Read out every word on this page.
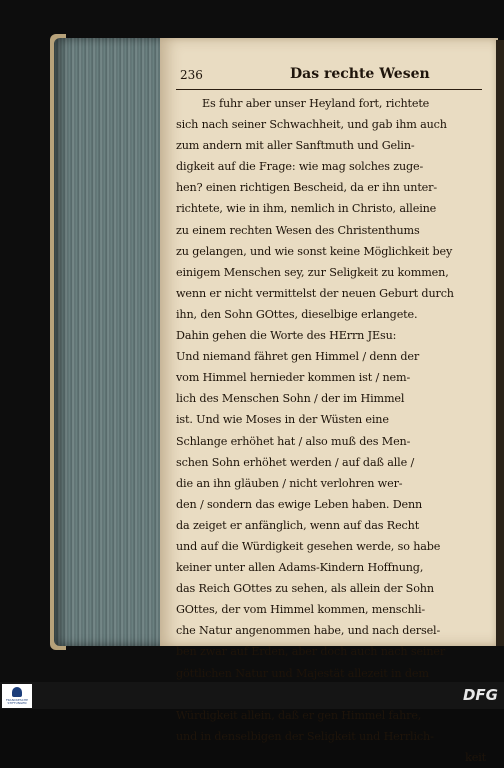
236	Das rechte Wesen
Es fuhr aber unser Heyland fort, richtete
sich nach seiner Schwachheit, und gab ihm auch
zum andern mit aller Sanftmuth und Gelin-
digkeit auf die Frage: wie mag solches zuge-
hen? einen richtigen Bescheid, da er ihn unter-
richtete, wie in ihm, nemlich in Christo, alleine
zu einem rechten Wesen des Christenthums
zu gelangen, und wie sonst keine Möglichkeit bey
einigem Menschen sey, zur Seligkeit zu kommen,
wenn er nicht vermittelst der neuen Geburt durch
ihn, den Sohn GOttes, dieselbige erlangete.
Dahin gehen die Worte des HErrn JEsu:
Und niemand fähret gen Himmel / denn der
vom Himmel hernieder kommen ist / nem-
lich des Menschen Sohn / der im Himmel
ist. Und wie Moses in der Wüsten eine
Schlange erhöhet hat / also muß des Men-
schen Sohn erhöhet werden / auf daß alle /
die an ihn gläuben / nicht verlohren wer-
den / sondern das ewige Leben haben. Denn
da zeiget er anfänglich, wenn auf das Recht
und auf die Würdigkeit gesehen werde, so habe
keiner unter allen Adams-Kindern Hoffnung,
das Reich GOttes zu sehen, als allein der Sohn
GOttes, der vom Himmel kommen, menschli-
che Natur angenommen habe, und nach dersel-
ben zwar auf Erden, aber doch auch nach seiner
göttlichen Natur und Majestät allezeit in dem
Würdigkeit allein, daß er gen Himmel fahre,
und in denselbigen der Seligkeit und Herrlich-
keit
FRANCKESCHE STIFTUNGEN	DFG
